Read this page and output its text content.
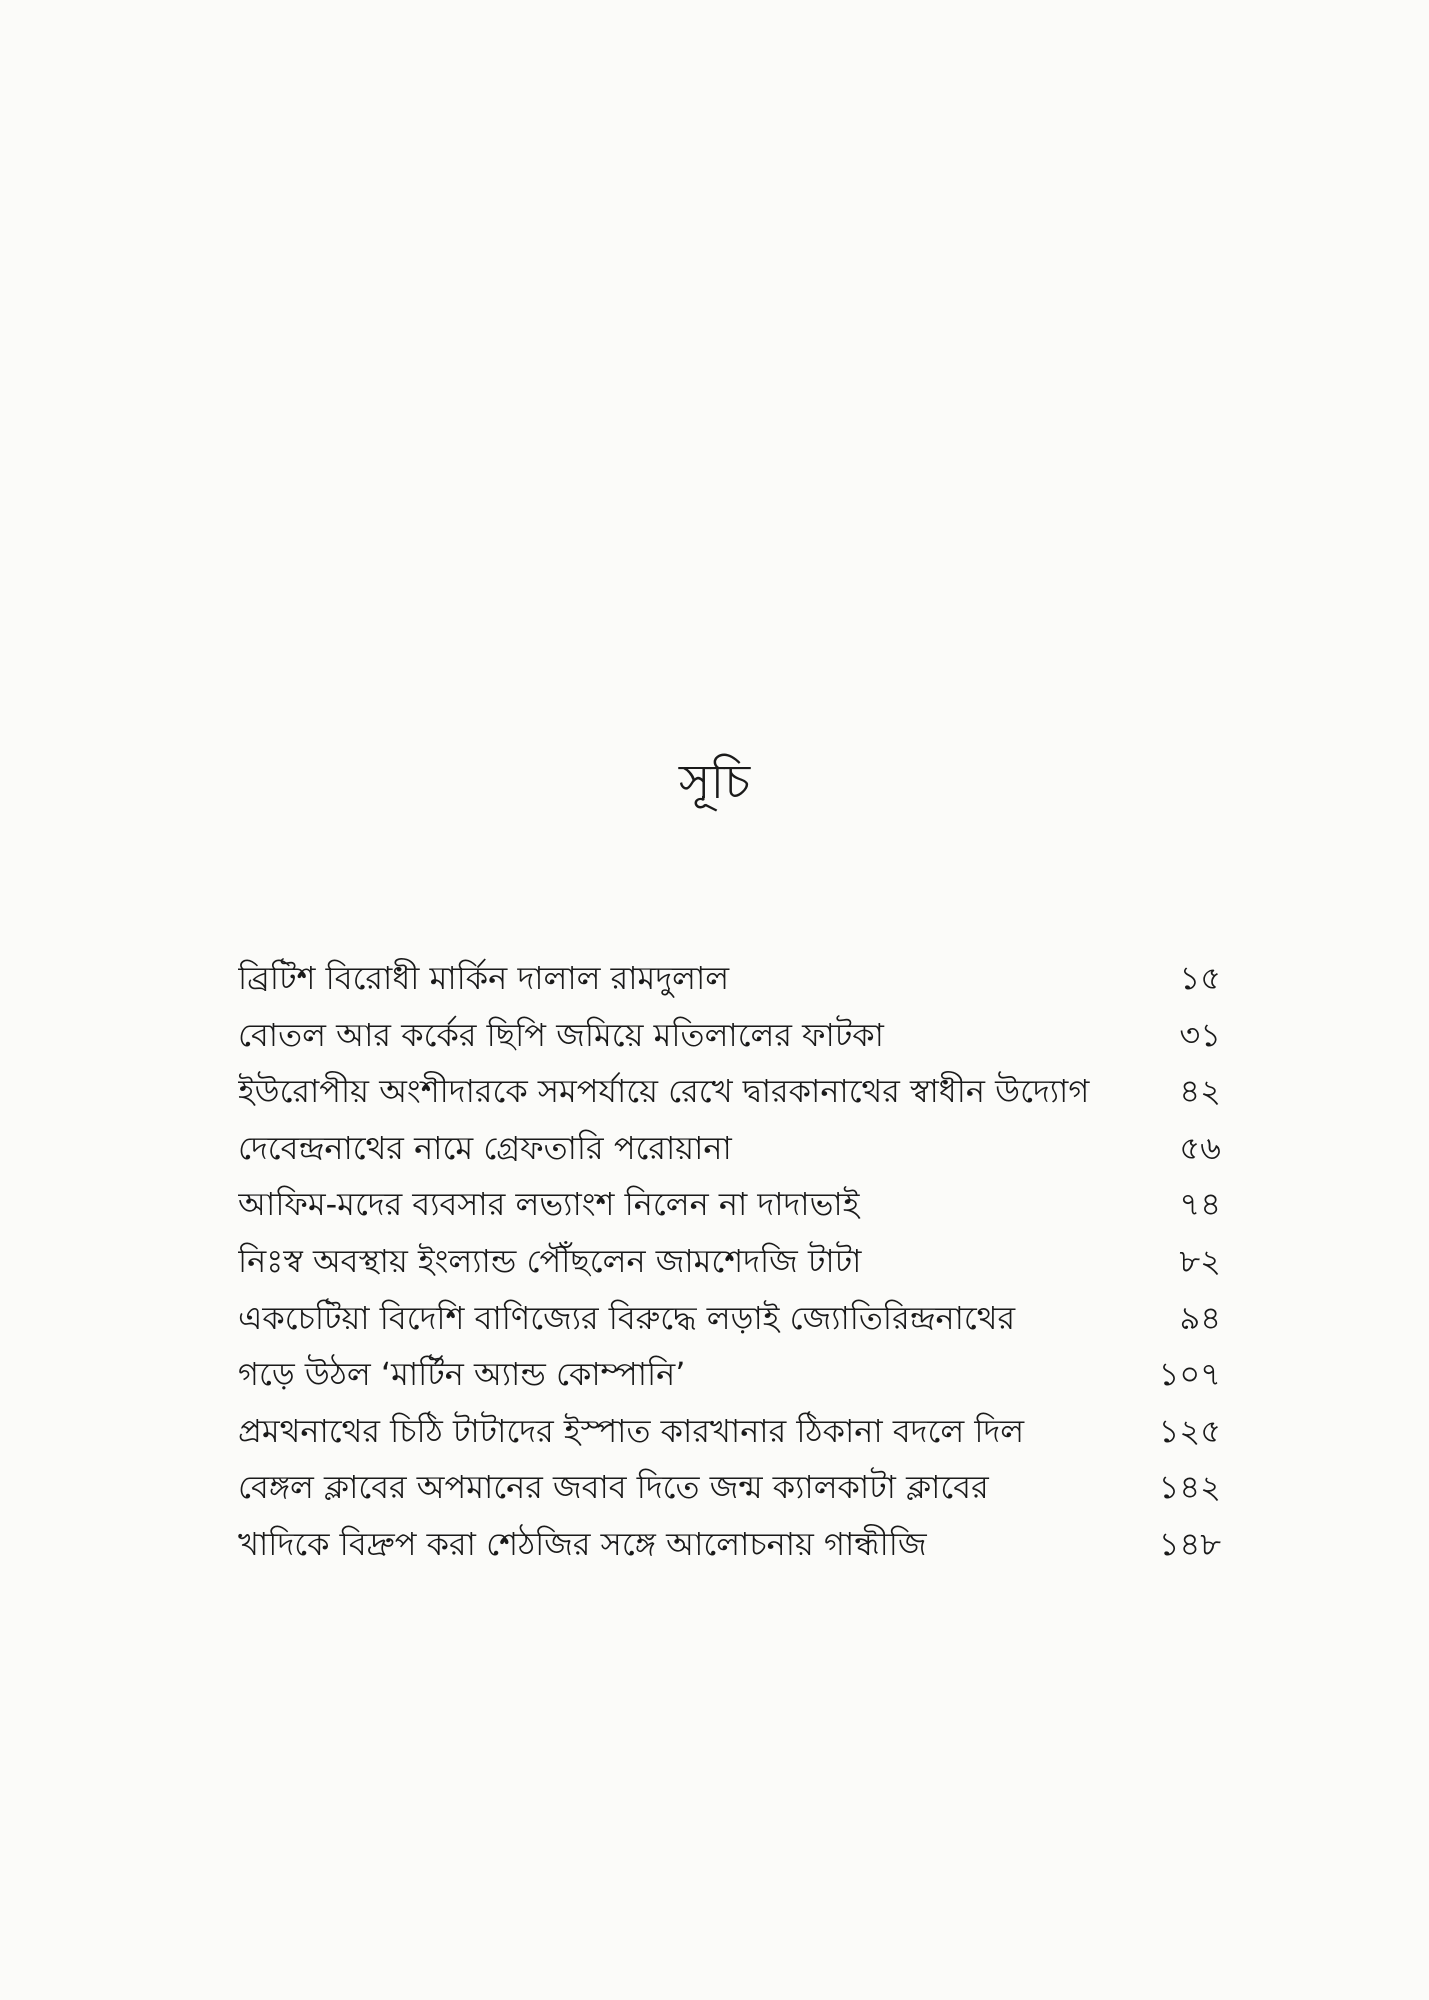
সূচি
ব্রিটিশ বিরোধী মার্কিন দালাল রামদুলাল	১৫
বোতল আর কর্কের ছিপি জমিয়ে মতিলালের ফাটকা	৩১
ইউরোপীয় অংশীদারকে সমপর্যায়ে রেখে দ্বারকানাথের স্বাধীন উদ্যোগ	৪২
দেবেন্দ্রনাথের নামে গ্রেফতারি পরোয়ানা	৫৬
আফিম-মদের ব্যবসার লভ্যাংশ নিলেন না দাদাভাই	৭৪
নিঃস্ব অবস্থায় ইংল্যান্ড পৌঁছলেন জামশেদজি টাটা	৮২
একচেটিয়া বিদেশি বাণিজ্যের বিরুদ্ধে লড়াই জ্যোতিরিন্দ্রনাথের	৯৪
গড়ে উঠল ‘মার্টিন অ্যান্ড কোম্পানি’	১০৭
প্রমথনাথের চিঠি টাটাদের ইস্পাত কারখানার ঠিকানা বদলে দিল	১২৫
বেঙ্গল ক্লাবের অপমানের জবাব দিতে জন্ম ক্যালকাটা ক্লাবের	১৪২
খাদিকে বিদ্রুপ করা শেঠজির সঙ্গে আলোচনায় গান্ধীজি	১৪৮
